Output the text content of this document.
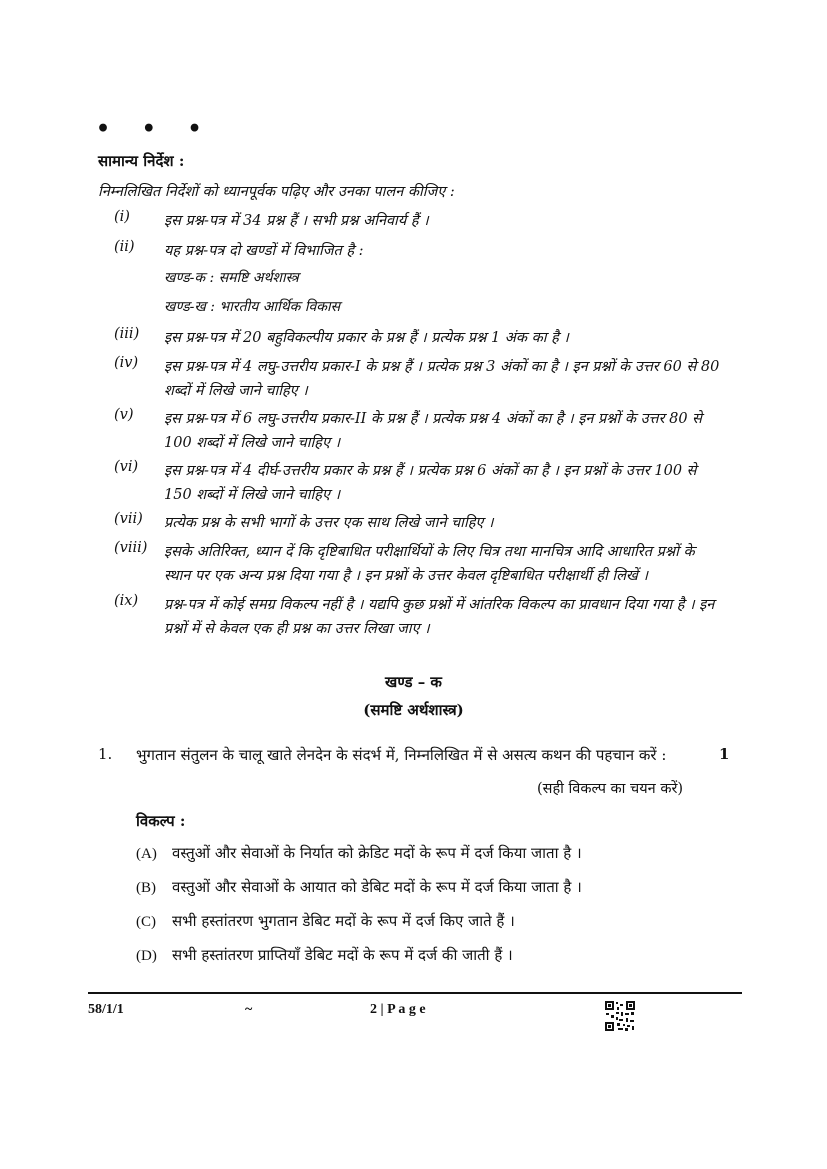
• • •
सामान्य निर्देश :
निम्नलिखित निर्देशों को ध्यानपूर्वक पढ़िए और उनका पालन कीजिए :
(i) इस प्रश्न-पत्र में 34 प्रश्न हैं । सभी प्रश्न अनिवार्य हैं ।
(ii) यह प्रश्न-पत्र दो खण्डों में विभाजित है :
खण्ड-क : समष्टि अर्थशास्त्र
खण्ड-ख : भारतीय आर्थिक विकास
(iii) इस प्रश्न-पत्र में 20 बहुविकल्पीय प्रकार के प्रश्न हैं । प्रत्येक प्रश्न 1 अंक का है ।
(iv) इस प्रश्न-पत्र में 4 लघु-उत्तरीय प्रकार-I के प्रश्न हैं । प्रत्येक प्रश्न 3 अंकों का है । इन प्रश्नों के उत्तर 60 से 80 शब्दों में लिखे जाने चाहिए ।
(v) इस प्रश्न-पत्र में 6 लघु-उत्तरीय प्रकार-II के प्रश्न हैं । प्रत्येक प्रश्न 4 अंकों का है । इन प्रश्नों के उत्तर 80 से 100 शब्दों में लिखे जाने चाहिए ।
(vi) इस प्रश्न-पत्र में 4 दीर्घ-उत्तरीय प्रकार के प्रश्न हैं । प्रत्येक प्रश्न 6 अंकों का है । इन प्रश्नों के उत्तर 100 से 150 शब्दों में लिखे जाने चाहिए ।
(vii) प्रत्येक प्रश्न के सभी भागों के उत्तर एक साथ लिखे जाने चाहिए ।
(viii) इसके अतिरिक्त, ध्यान दें कि दृष्टिबाधित परीक्षार्थियों के लिए चित्र तथा मानचित्र आदि आधारित प्रश्नों के स्थान पर एक अन्य प्रश्न दिया गया है । इन प्रश्नों के उत्तर केवल दृष्टिबाधित परीक्षार्थी ही लिखें ।
(ix) प्रश्न-पत्र में कोई समग्र विकल्प नहीं है । यद्यपि कुछ प्रश्नों में आंतरिक विकल्प का प्रावधान दिया गया है । इन प्रश्नों में से केवल एक ही प्रश्न का उत्तर लिखा जाए ।
खण्ड – क
(समष्टि अर्थशास्त्र)
1. भुगतान संतुलन के चालू खाते लेनदेन के संदर्भ में, निम्नलिखित में से असत्य कथन की पहचान करें :	1
(सही विकल्प का चयन करें)
विकल्प :
(A) वस्तुओं और सेवाओं के निर्यात को क्रेडिट मदों के रूप में दर्ज किया जाता है ।
(B) वस्तुओं और सेवाओं के आयात को डेबिट मदों के रूप में दर्ज किया जाता है ।
(C) सभी हस्तांतरण भुगतान डेबिट मदों के रूप में दर्ज किए जाते हैं ।
(D) सभी हस्तांतरण प्राप्तियाँ डेबिट मदों के रूप में दर्ज की जाती हैं ।
58/1/1	~	2 | P a g e
